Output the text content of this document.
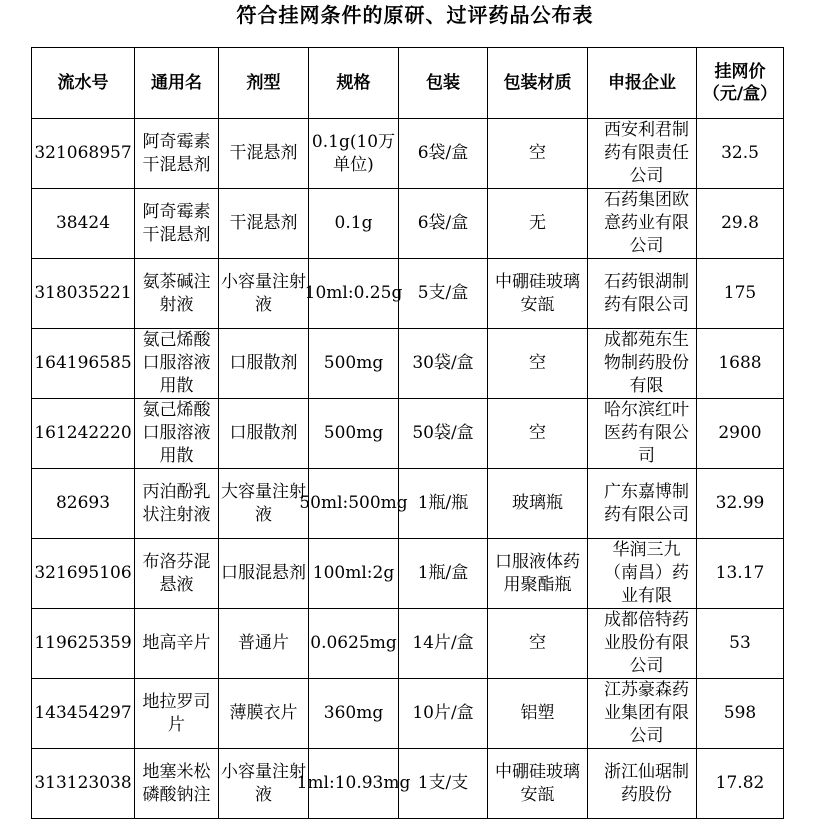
符合挂网条件的原研、过评药品公布表
流水号	通用名	剂型	规格	包装	包装材质	申报企业	挂网价（元/盒）

321068957	阿奇霉素干混悬剂	干混悬剂	0.1g(10万单位)	6袋/盒	空	西安利君制药有限责任公司	32.5

38424	阿奇霉素干混悬剂	干混悬剂	0.1g	6袋/盒	无	石药集团欧意药业有限公司	29.8

318035221	氨茶碱注射液	小容量注射液	10ml:0.25g	5支/盒	中硼硅玻璃安瓿	石药银湖制药有限公司	175

164196585	氨己烯酸口服溶液用散	口服散剂	500mg	30袋/盒	空	成都苑东生物制药股份有限	1688

161242220	氨己烯酸口服溶液用散	口服散剂	500mg	50袋/盒	空	哈尔滨红叶医药有限公司	2900

82693	丙泊酚乳状注射液	大容量注射液	50ml:500mg	1瓶/瓶	玻璃瓶	广东嘉博制药有限公司	32.99

321695106	布洛芬混悬液	口服混悬剂	100ml:2g	1瓶/盒	口服液体药用聚酯瓶	华润三九（南昌）药业有限	13.17

119625359	地高辛片	普通片	0.0625mg	14片/盒	空	成都倍特药业股份有限公司	53

143454297	地拉罗司片	薄膜衣片	360mg	10片/盒	铝塑	江苏豪森药业集团有限公司	598

313123038	地塞米松磷酸钠注	小容量注射液	1ml:10.93mg	1支/支	中硼硅玻璃安瓿	浙江仙琚制药股份	17.82
